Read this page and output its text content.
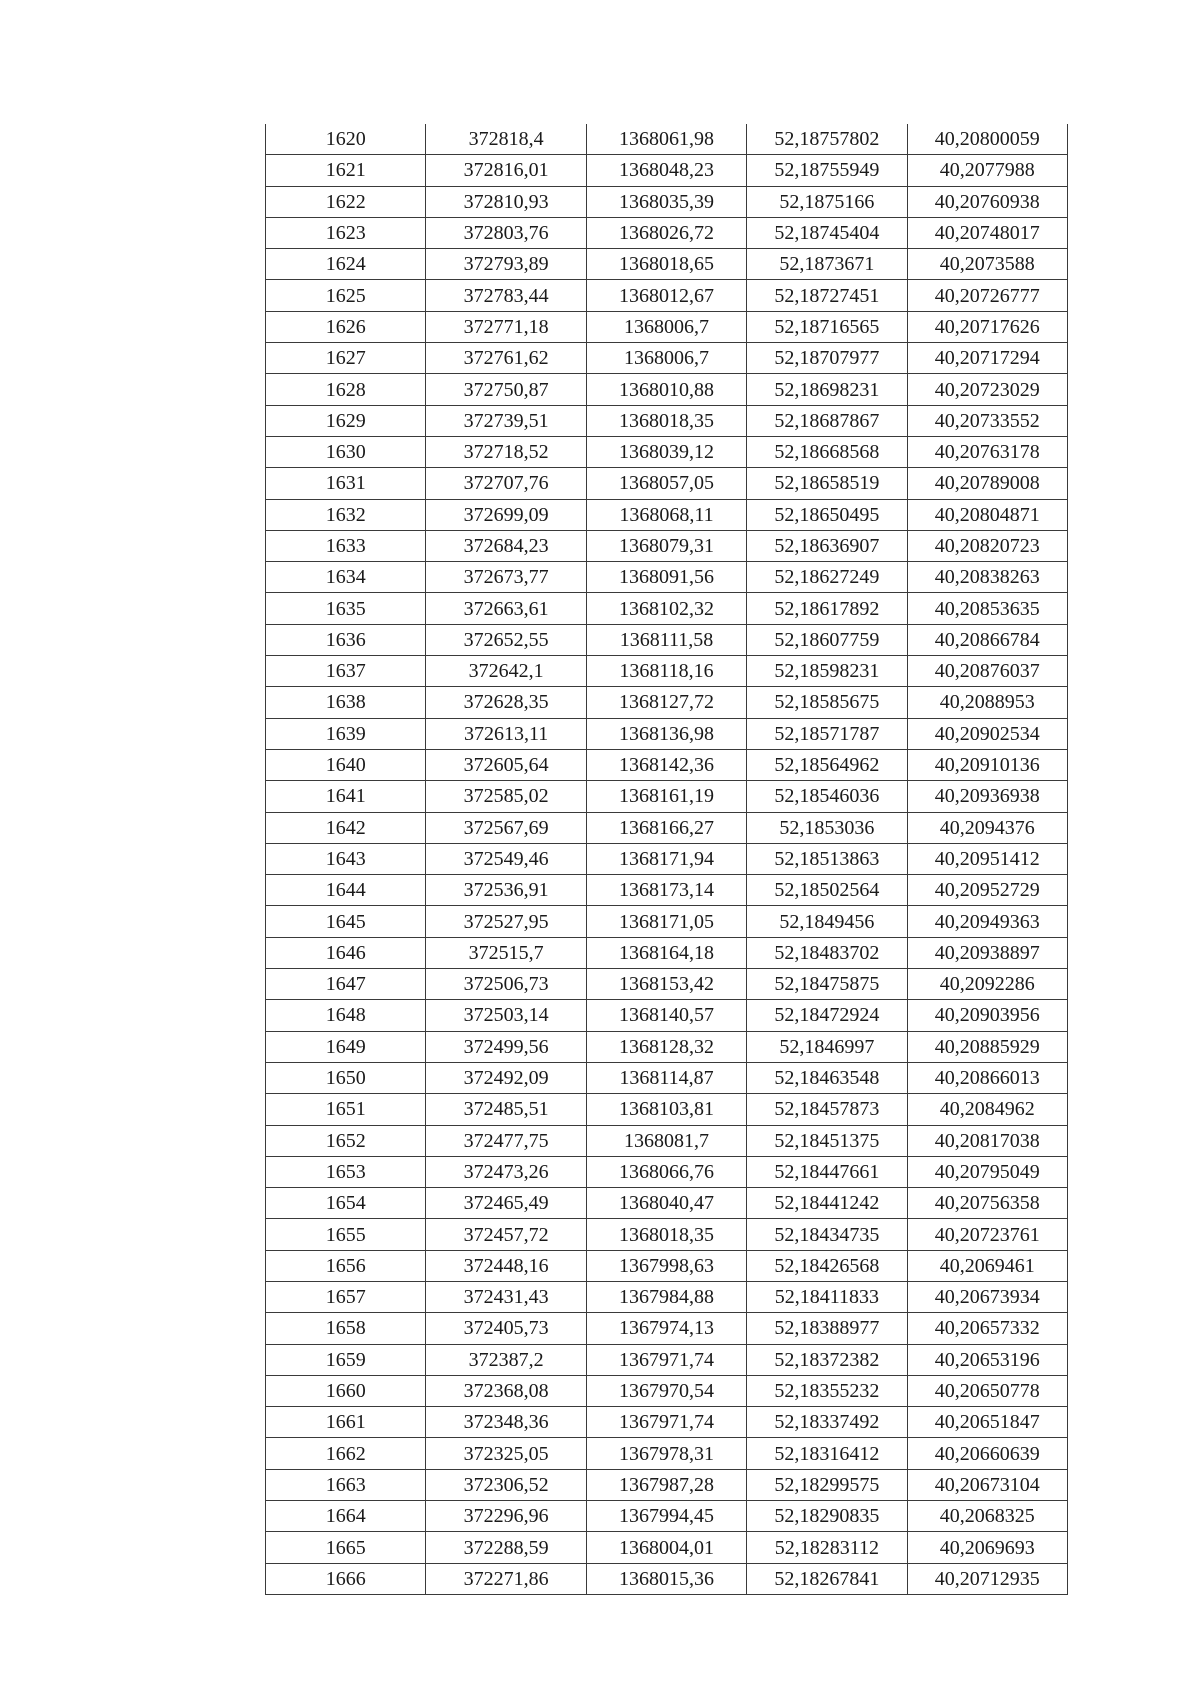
1620	372818,4	1368061,98	52,18757802	40,20800059
1621	372816,01	1368048,23	52,18755949	40,2077988
1622	372810,93	1368035,39	52,1875166	40,20760938
1623	372803,76	1368026,72	52,18745404	40,20748017
1624	372793,89	1368018,65	52,1873671	40,2073588
1625	372783,44	1368012,67	52,18727451	40,20726777
1626	372771,18	1368006,7	52,18716565	40,20717626
1627	372761,62	1368006,7	52,18707977	40,20717294
1628	372750,87	1368010,88	52,18698231	40,20723029
1629	372739,51	1368018,35	52,18687867	40,20733552
1630	372718,52	1368039,12	52,18668568	40,20763178
1631	372707,76	1368057,05	52,18658519	40,20789008
1632	372699,09	1368068,11	52,18650495	40,20804871
1633	372684,23	1368079,31	52,18636907	40,20820723
1634	372673,77	1368091,56	52,18627249	40,20838263
1635	372663,61	1368102,32	52,18617892	40,20853635
1636	372652,55	1368111,58	52,18607759	40,20866784
1637	372642,1	1368118,16	52,18598231	40,20876037
1638	372628,35	1368127,72	52,18585675	40,2088953
1639	372613,11	1368136,98	52,18571787	40,20902534
1640	372605,64	1368142,36	52,18564962	40,20910136
1641	372585,02	1368161,19	52,18546036	40,20936938
1642	372567,69	1368166,27	52,1853036	40,2094376
1643	372549,46	1368171,94	52,18513863	40,20951412
1644	372536,91	1368173,14	52,18502564	40,20952729
1645	372527,95	1368171,05	52,1849456	40,20949363
1646	372515,7	1368164,18	52,18483702	40,20938897
1647	372506,73	1368153,42	52,18475875	40,2092286
1648	372503,14	1368140,57	52,18472924	40,20903956
1649	372499,56	1368128,32	52,1846997	40,20885929
1650	372492,09	1368114,87	52,18463548	40,20866013
1651	372485,51	1368103,81	52,18457873	40,2084962
1652	372477,75	1368081,7	52,18451375	40,20817038
1653	372473,26	1368066,76	52,18447661	40,20795049
1654	372465,49	1368040,47	52,18441242	40,20756358
1655	372457,72	1368018,35	52,18434735	40,20723761
1656	372448,16	1367998,63	52,18426568	40,2069461
1657	372431,43	1367984,88	52,18411833	40,20673934
1658	372405,73	1367974,13	52,18388977	40,20657332
1659	372387,2	1367971,74	52,18372382	40,20653196
1660	372368,08	1367970,54	52,18355232	40,20650778
1661	372348,36	1367971,74	52,18337492	40,20651847
1662	372325,05	1367978,31	52,18316412	40,20660639
1663	372306,52	1367987,28	52,18299575	40,20673104
1664	372296,96	1367994,45	52,18290835	40,2068325
1665	372288,59	1368004,01	52,18283112	40,2069693
1666	372271,86	1368015,36	52,18267841	40,20712935
